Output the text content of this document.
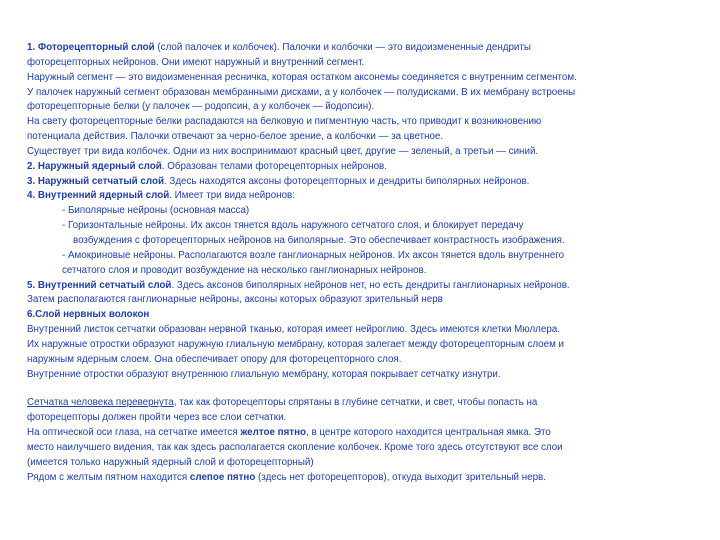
1. Фоторецепторный слой (слой палочек и колбочек). Палочки и колбочки — это видоизмененные дендриты
фоторецепторных нейронов. Они имеют наружный и внутренний сегмент.
Наружный сегмент — это видоизмененная ресничка, которая остатком аксонемы соединяется с внутренним сегментом.
У палочек наружный сегмент образован мембранными дисками, а у колбочек — полудисками. В их мембрану встроены
фоторецепторные белки (у палочек — родопсин, а у колбочек — йодопсин).
На свету фоторецепторные белки распадаются на белковую и пигментную часть, что приводит к возникновению
потенциала действия. Палочки отвечают за черно-белое зрение, а колбочки — за цветное.
Существует три вида колбочек. Одни из них воспринимают красный цвет, другие — зеленый, а третьи — синий.
2. Наружный ядерный слой. Образован телами фоторецепторных нейронов.
3. Наружный сетчатый слой. Здесь находятся аксоны фоторецепторных и дендриты биполярных нейронов.
4. Внутренний ядерный слой. Имеет три вида нейронов:
- Биполярные нейроны (основная масса)
- Горизонтальные нейроны. Их аксон тянется вдоль наружного сетчатого слоя, и блокирует передачу
возбуждения с фоторецепторных нейронов на биполярные. Это обеспечивает контрастность изображения.
- Амокриновые нейроны. Располагаются возле ганглионарных нейронов. Их аксон тянется вдоль внутреннего
сетчатого слоя и проводит возбуждение на несколько ганглионарных нейронов.
5. Внутренний сетчатый слой. Здесь аксонов биполярных нейронов нет, но есть дендриты ганглионарных нейронов.
Затем располагаются ганглионарные нейроны, аксоны которых образуют зрительный нерв
6.Слой нервных волокон
Внутренний листок сетчатки образован нервной тканью, которая имеет нейроглию. Здесь имеются клетки Мюллера.
Их наружные отростки образуют наружную глиальную мембрану, которая залегает между фоторецепторным слоем и
наружным ядерным слоем. Она обеспечивает опору для фоторецепторного слоя.
Внутренние отростки образуют внутреннюю глиальную мембрану, которая покрывает сетчатку изнутри.
Сетчатка человека перевернута, так как фоторецепторы спрятаны в глубине сетчатки, и свет, чтобы попасть на
фоторецепторы должен пройти через все слои сетчатки.
На оптической оси глаза, на сетчатке имеется желтое пятно, в центре которого находится центральная ямка. Это
место наилучшего видения, так как здесь располагается скопление колбочек. Кроме того здесь отсутствуют все слои
(имеется только наружный ядерный слой и фоторецепторный)
Рядом с желтым пятном находится слепое пятно (здесь нет фоторецепторов), откуда выходит зрительный нерв.
